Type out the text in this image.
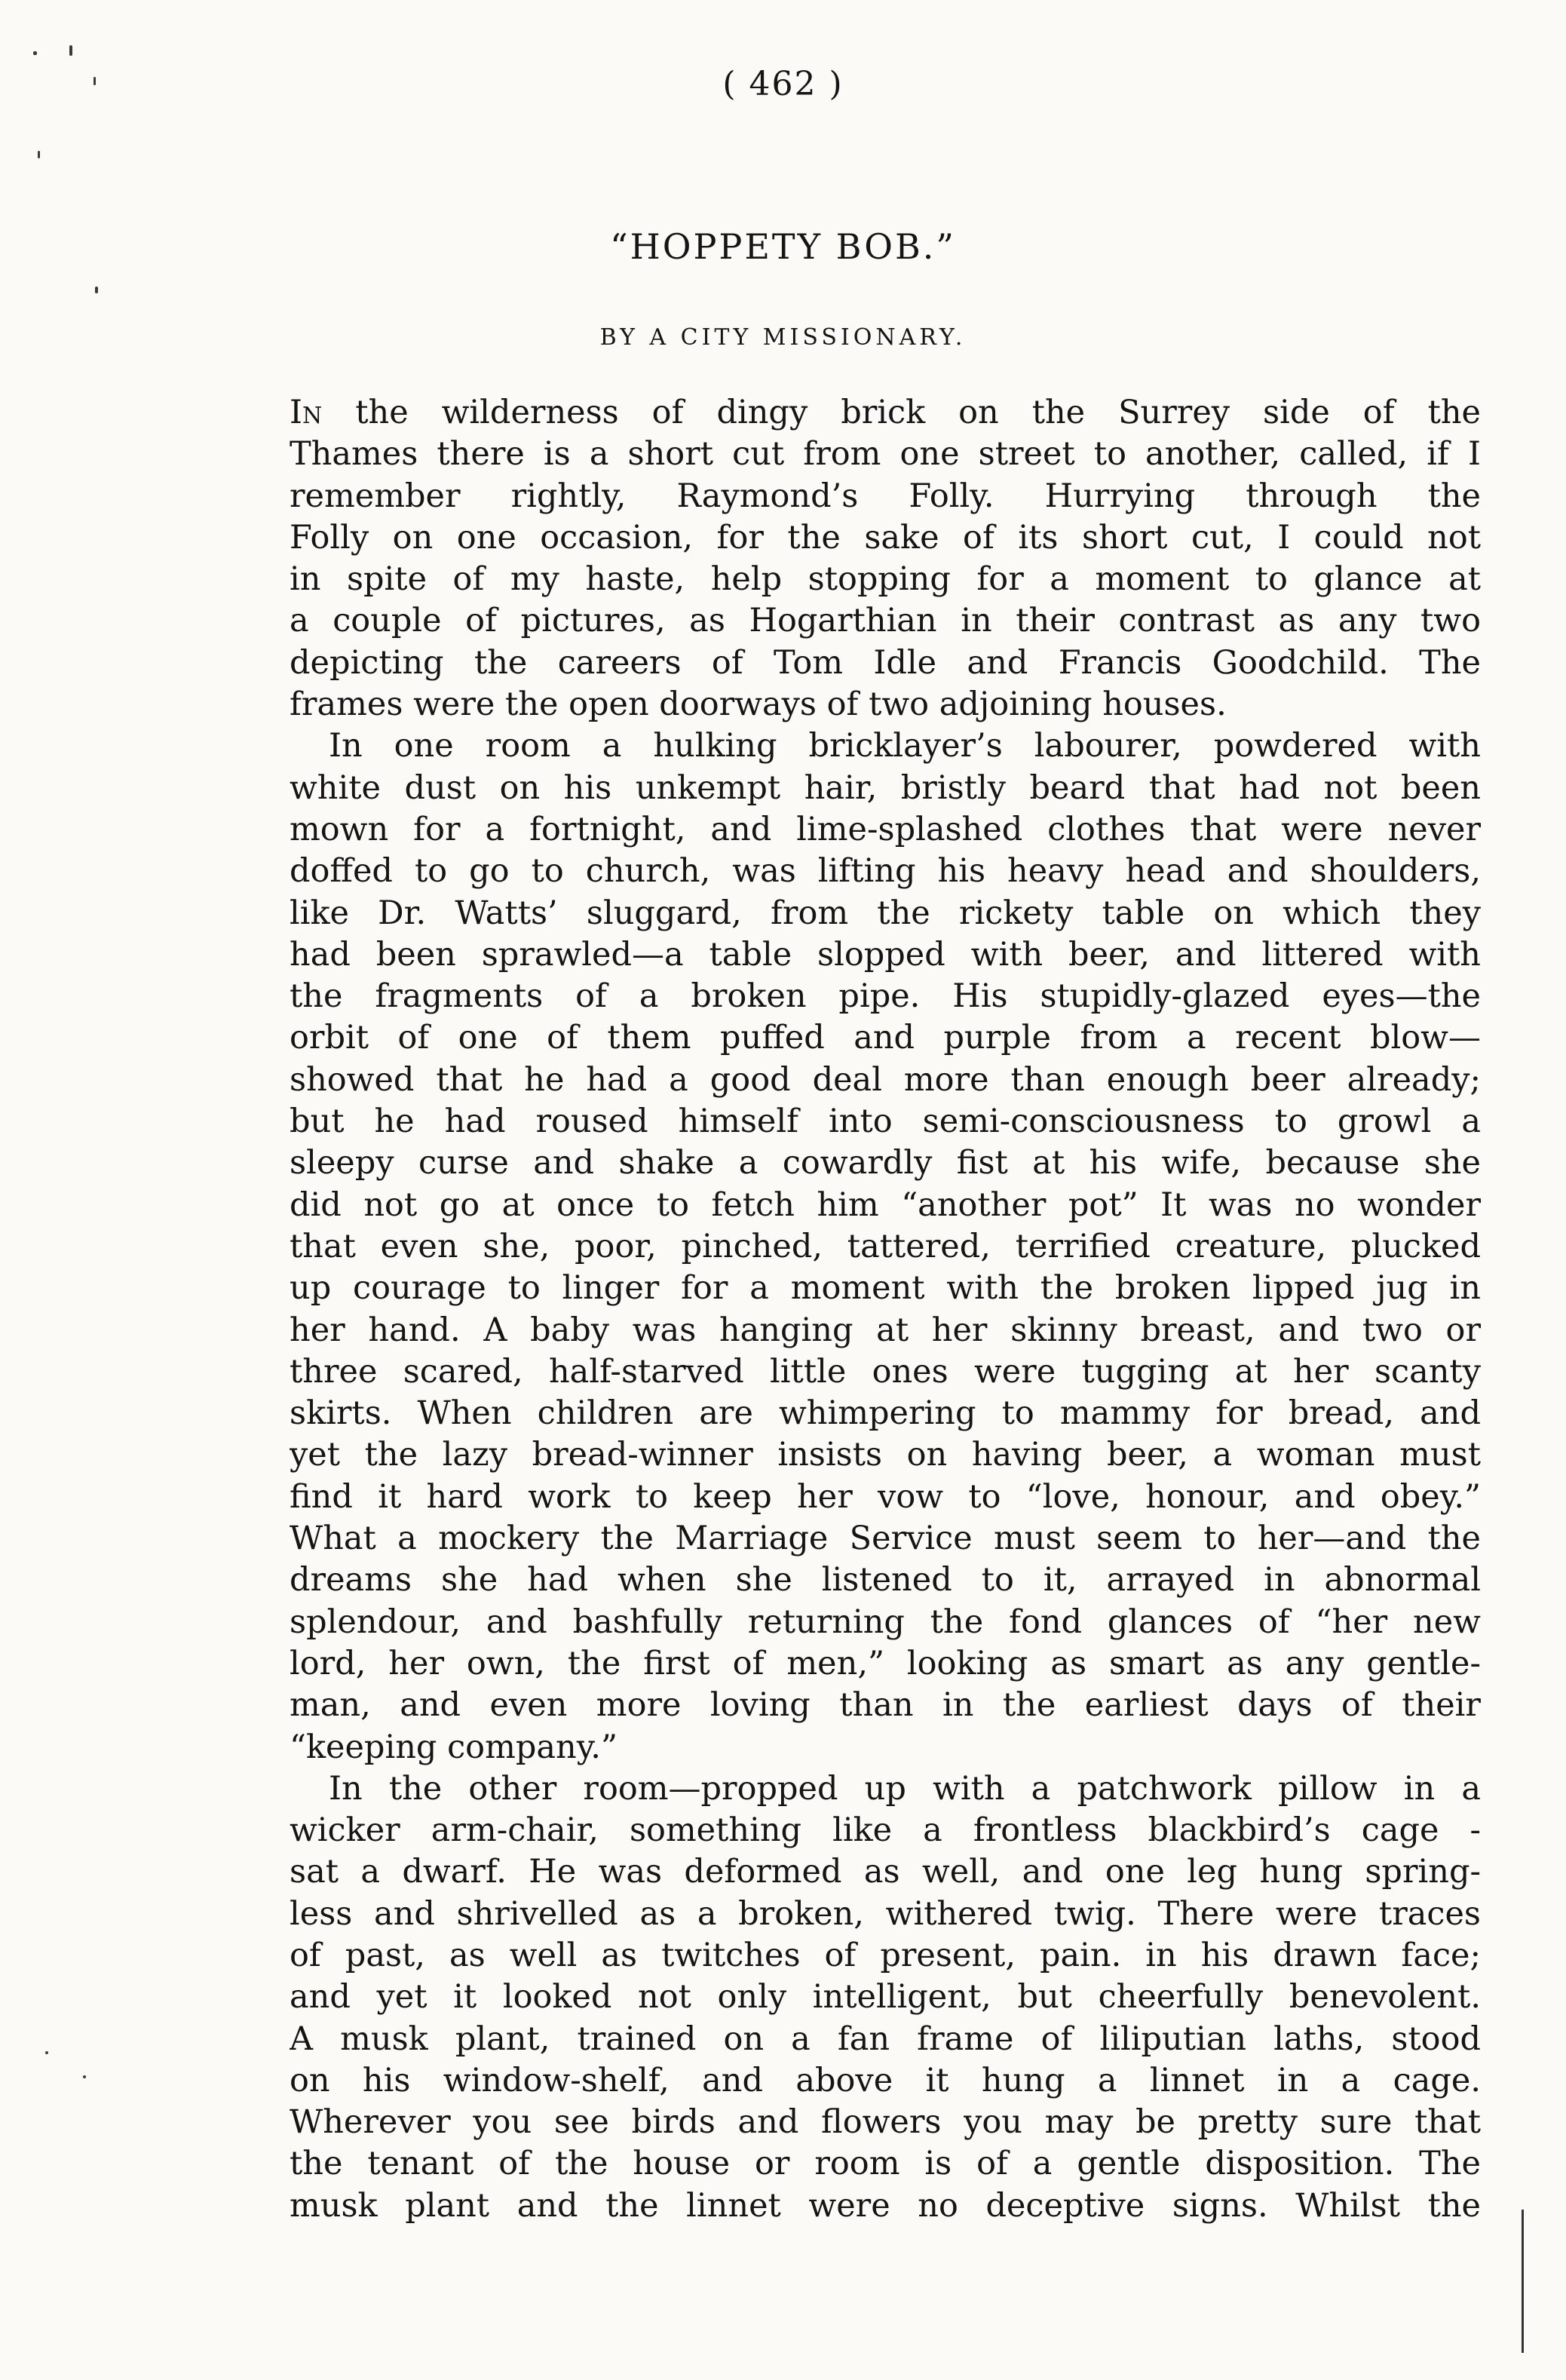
( 462 )
“HOPPETY BOB.”
BY A CITY MISSIONARY.
In the wilderness of dingy brick on the Surrey side of the
Thames there is a short cut from one street to another, called, if I
remember rightly, Raymond’s Folly. Hurrying through the
Folly on one occasion, for the sake of its short cut, I could not
in spite of my haste, help stopping for a moment to glance at
a couple of pictures, as Hogarthian in their contrast as any two
depicting the careers of Tom Idle and Francis Goodchild. The
frames were the open doorways of two adjoining houses.
In one room a hulking bricklayer’s labourer, powdered with
white dust on his unkempt hair, bristly beard that had not been
mown for a fortnight, and lime-splashed clothes that were never
doffed to go to church, was lifting his heavy head and shoulders,
like Dr. Watts’ sluggard, from the rickety table on which they
had been sprawled—a table slopped with beer, and littered with
the fragments of a broken pipe. His stupidly-glazed eyes—the
orbit of one of them puffed and purple from a recent blow—
showed that he had a good deal more than enough beer already;
but he had roused himself into semi-consciousness to growl a
sleepy curse and shake a cowardly fist at his wife, because she
did not go at once to fetch him “another pot” It was no wonder
that even she, poor, pinched, tattered, terrified creature, plucked
up courage to linger for a moment with the broken lipped jug in
her hand. A baby was hanging at her skinny breast, and two or
three scared, half-starved little ones were tugging at her scanty
skirts. When children are whimpering to mammy for bread, and
yet the lazy bread-winner insists on having beer, a woman must
find it hard work to keep her vow to “love, honour, and obey.”
What a mockery the Marriage Service must seem to her—and the
dreams she had when she listened to it, arrayed in abnormal
splendour, and bashfully returning the fond glances of “her new
lord, her own, the first of men,” looking as smart as any gentle-
man, and even more loving than in the earliest days of their
“keeping company.”
In the other room—propped up with a patchwork pillow in a
wicker arm-chair, something like a frontless blackbird’s cage -
sat a dwarf. He was deformed as well, and one leg hung spring-
less and shrivelled as a broken, withered twig. There were traces
of past, as well as twitches of present, pain. in his drawn face;
and yet it looked not only intelligent, but cheerfully benevolent.
A musk plant, trained on a fan frame of liliputian laths, stood
on his window-shelf, and above it hung a linnet in a cage.
Wherever you see birds and flowers you may be pretty sure that
the tenant of the house or room is of a gentle disposition. The
musk plant and the linnet were no deceptive signs. Whilst the
